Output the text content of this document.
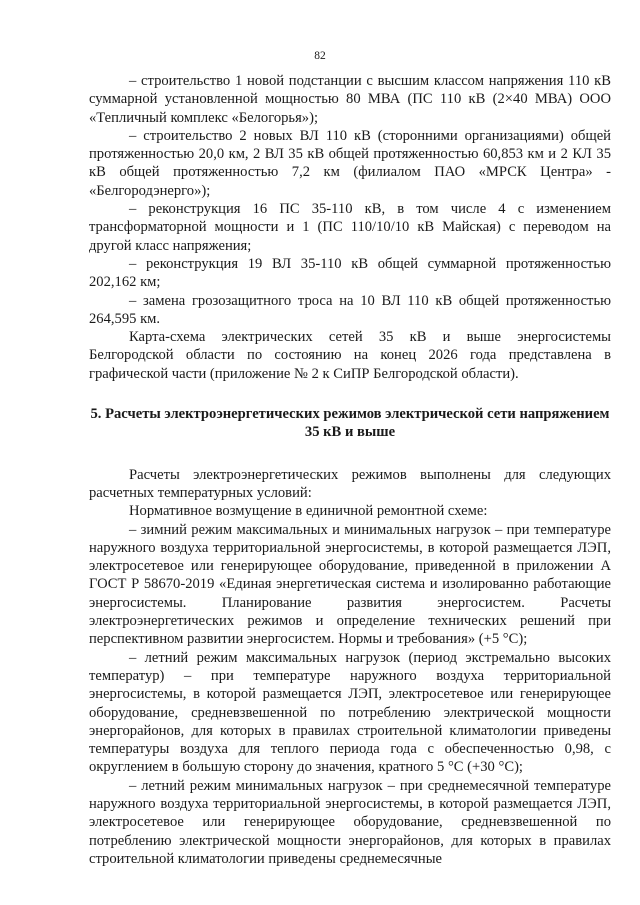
82

– строительство 1 новой подстанции с высшим классом напряжения 110 кВ суммарной установленной мощностью 80 МВА (ПС 110 кВ (2×40 МВА) ООО «Тепличный комплекс «Белогорья»);

– строительство 2 новых ВЛ 110 кВ (сторонними организациями) общей протяженностью 20,0 км, 2 ВЛ 35 кВ общей протяженностью 60,853 км и 2 КЛ 35 кВ общей протяженностью 7,2 км (филиалом ПАО «МРСК Центра» - «Белгородэнерго»);

– реконструкция 16 ПС 35-110 кВ, в том числе 4 с изменением трансформаторной мощности и 1 (ПС 110/10/10 кВ Майская) с переводом на другой класс напряжения;

– реконструкция 19 ВЛ 35-110 кВ общей суммарной протяженностью 202,162 км;

– замена грозозащитного троса на 10 ВЛ 110 кВ общей протяженностью 264,595 км.

Карта-схема электрических сетей 35 кВ и выше энергосистемы Белгородской области по состоянию на конец 2026 года представлена в графической части (приложение № 2 к СиПР Белгородской области).

5. Расчеты электроэнергетических режимов электрической сети напряжением 35 кВ и выше

Расчеты электроэнергетических режимов выполнены для следующих расчетных температурных условий:

Нормативное возмущение в единичной ремонтной схеме:

– зимний режим максимальных и минимальных нагрузок – при температуре наружного воздуха территориальной энергосистемы, в которой размещается ЛЭП, электросетевое или генерирующее оборудование, приведенной в приложении А ГОСТ Р 58670-2019 «Единая энергетическая система и изолированно работающие энергосистемы. Планирование развития энергосистем. Расчеты электроэнергетических режимов и определение технических решений при перспективном развитии энергосистем. Нормы и требования» (+5 °С);

– летний режим максимальных нагрузок (период экстремально высоких температур) – при температуре наружного воздуха территориальной энергосистемы, в которой размещается ЛЭП, электросетевое или генерирующее оборудование, средневзвешенной по потреблению электрической мощности энергорайонов, для которых в правилах строительной климатологии приведены температуры воздуха для теплого периода года с обеспеченностью 0,98, с округлением в большую сторону до значения, кратного 5 °С (+30 °С);

– летний режим минимальных нагрузок – при среднемесячной температуре наружного воздуха территориальной энергосистемы, в которой размещается ЛЭП, электросетевое или генерирующее оборудование, средневзвешенной по потреблению электрической мощности энергорайонов, для которых в правилах строительной климатологии приведены среднемесячные
